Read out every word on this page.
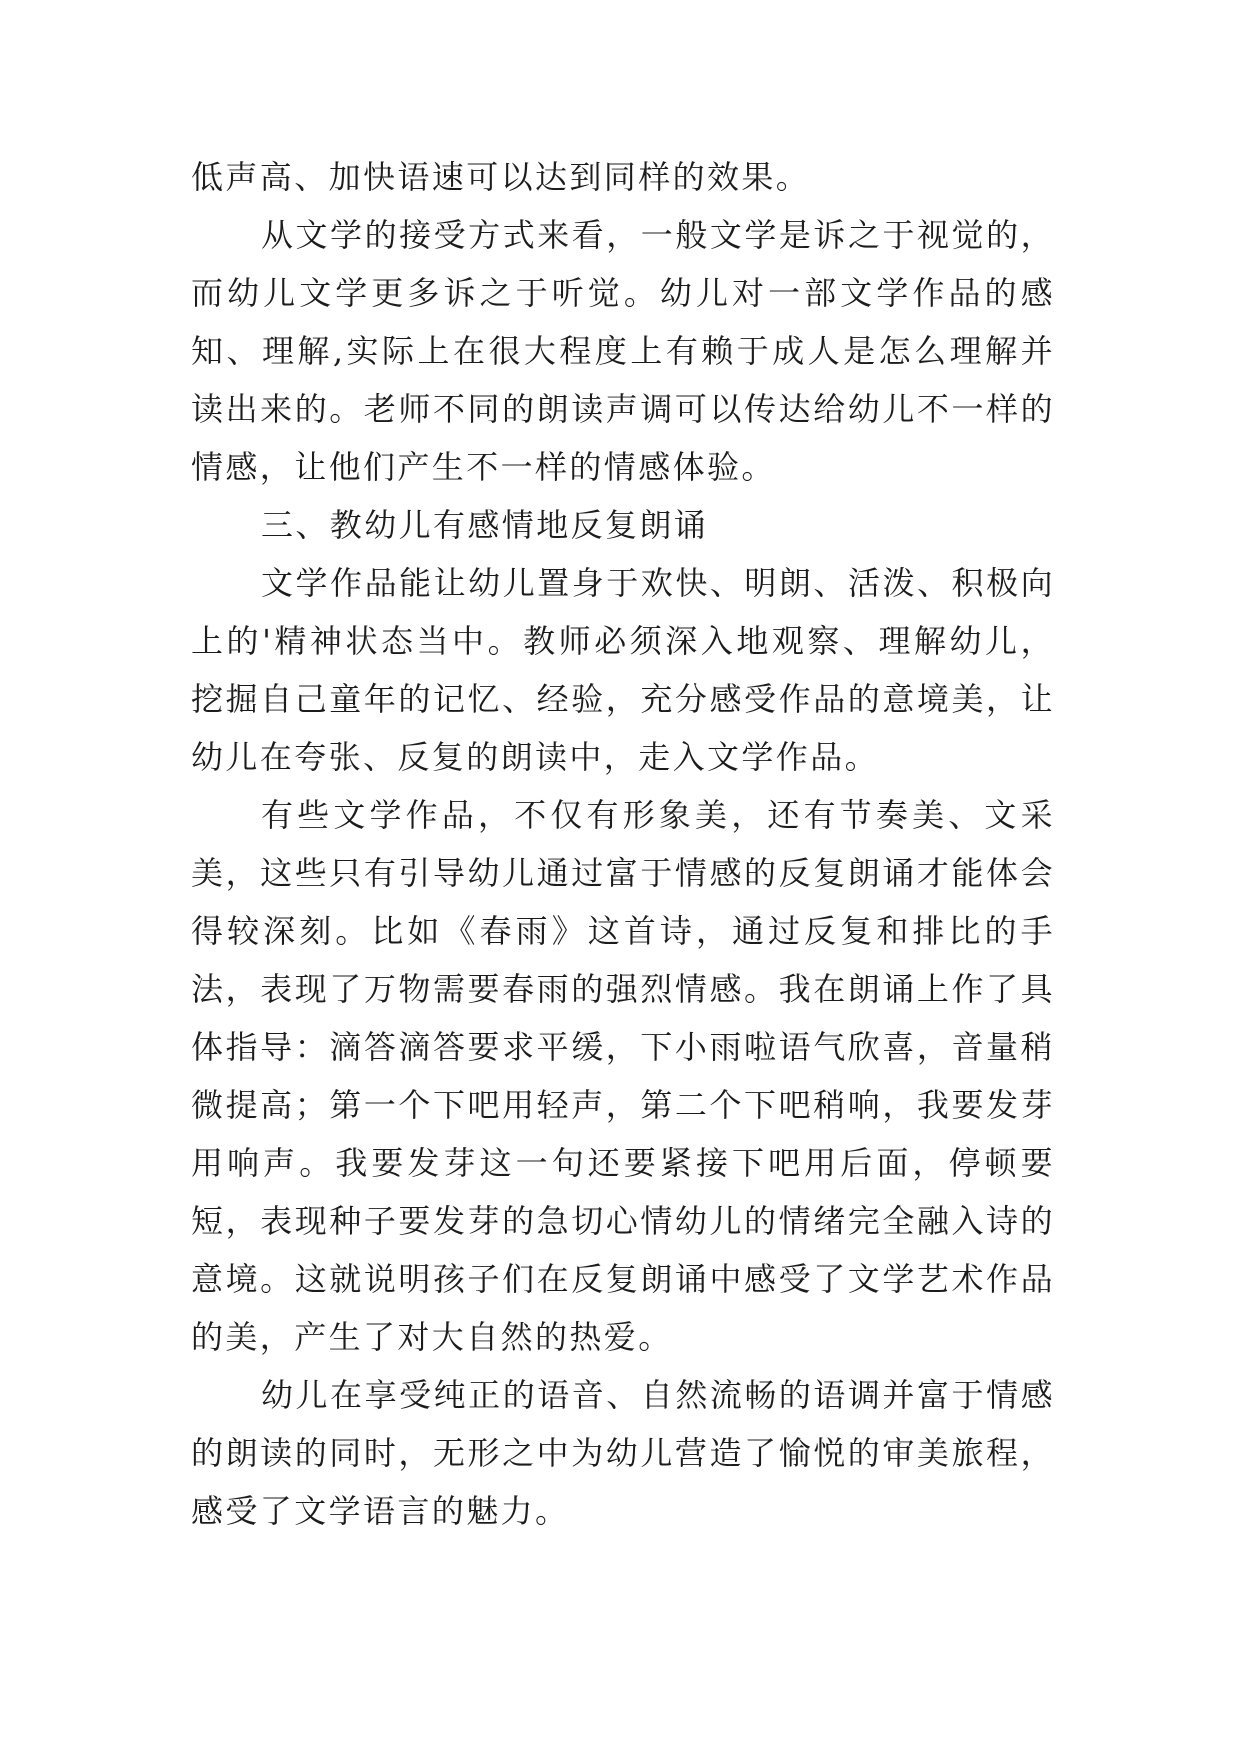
低声高、加快语速可以达到同样的效果。

从文学的接受方式来看，一般文学是诉之于视觉的，而幼儿文学更多诉之于听觉。幼儿对一部文学作品的感知、理解,实际上在很大程度上有赖于成人是怎么理解并读出来的。老师不同的朗读声调可以传达给幼儿不一样的情感，让他们产生不一样的情感体验。

三、教幼儿有感情地反复朗诵

文学作品能让幼儿置身于欢快、明朗、活泼、积极向上的'精神状态当中。教师必须深入地观察、理解幼儿，挖掘自己童年的记忆、经验，充分感受作品的意境美，让幼儿在夸张、反复的朗读中，走入文学作品。

有些文学作品，不仅有形象美，还有节奏美、文采美，这些只有引导幼儿通过富于情感的反复朗诵才能体会得较深刻。比如《春雨》这首诗，通过反复和排比的手法，表现了万物需要春雨的强烈情感。我在朗诵上作了具体指导：滴答滴答要求平缓，下小雨啦语气欣喜，音量稍微提高；第一个下吧用轻声，第二个下吧稍响，我要发芽用响声。我要发芽这一句还要紧接下吧用后面，停顿要短，表现种子要发芽的急切心情幼儿的情绪完全融入诗的意境。这就说明孩子们在反复朗诵中感受了文学艺术作品的美，产生了对大自然的热爱。

幼儿在享受纯正的语音、自然流畅的语调并富于情感的朗读的同时，无形之中为幼儿营造了愉悦的审美旅程，感受了文学语言的魅力。
